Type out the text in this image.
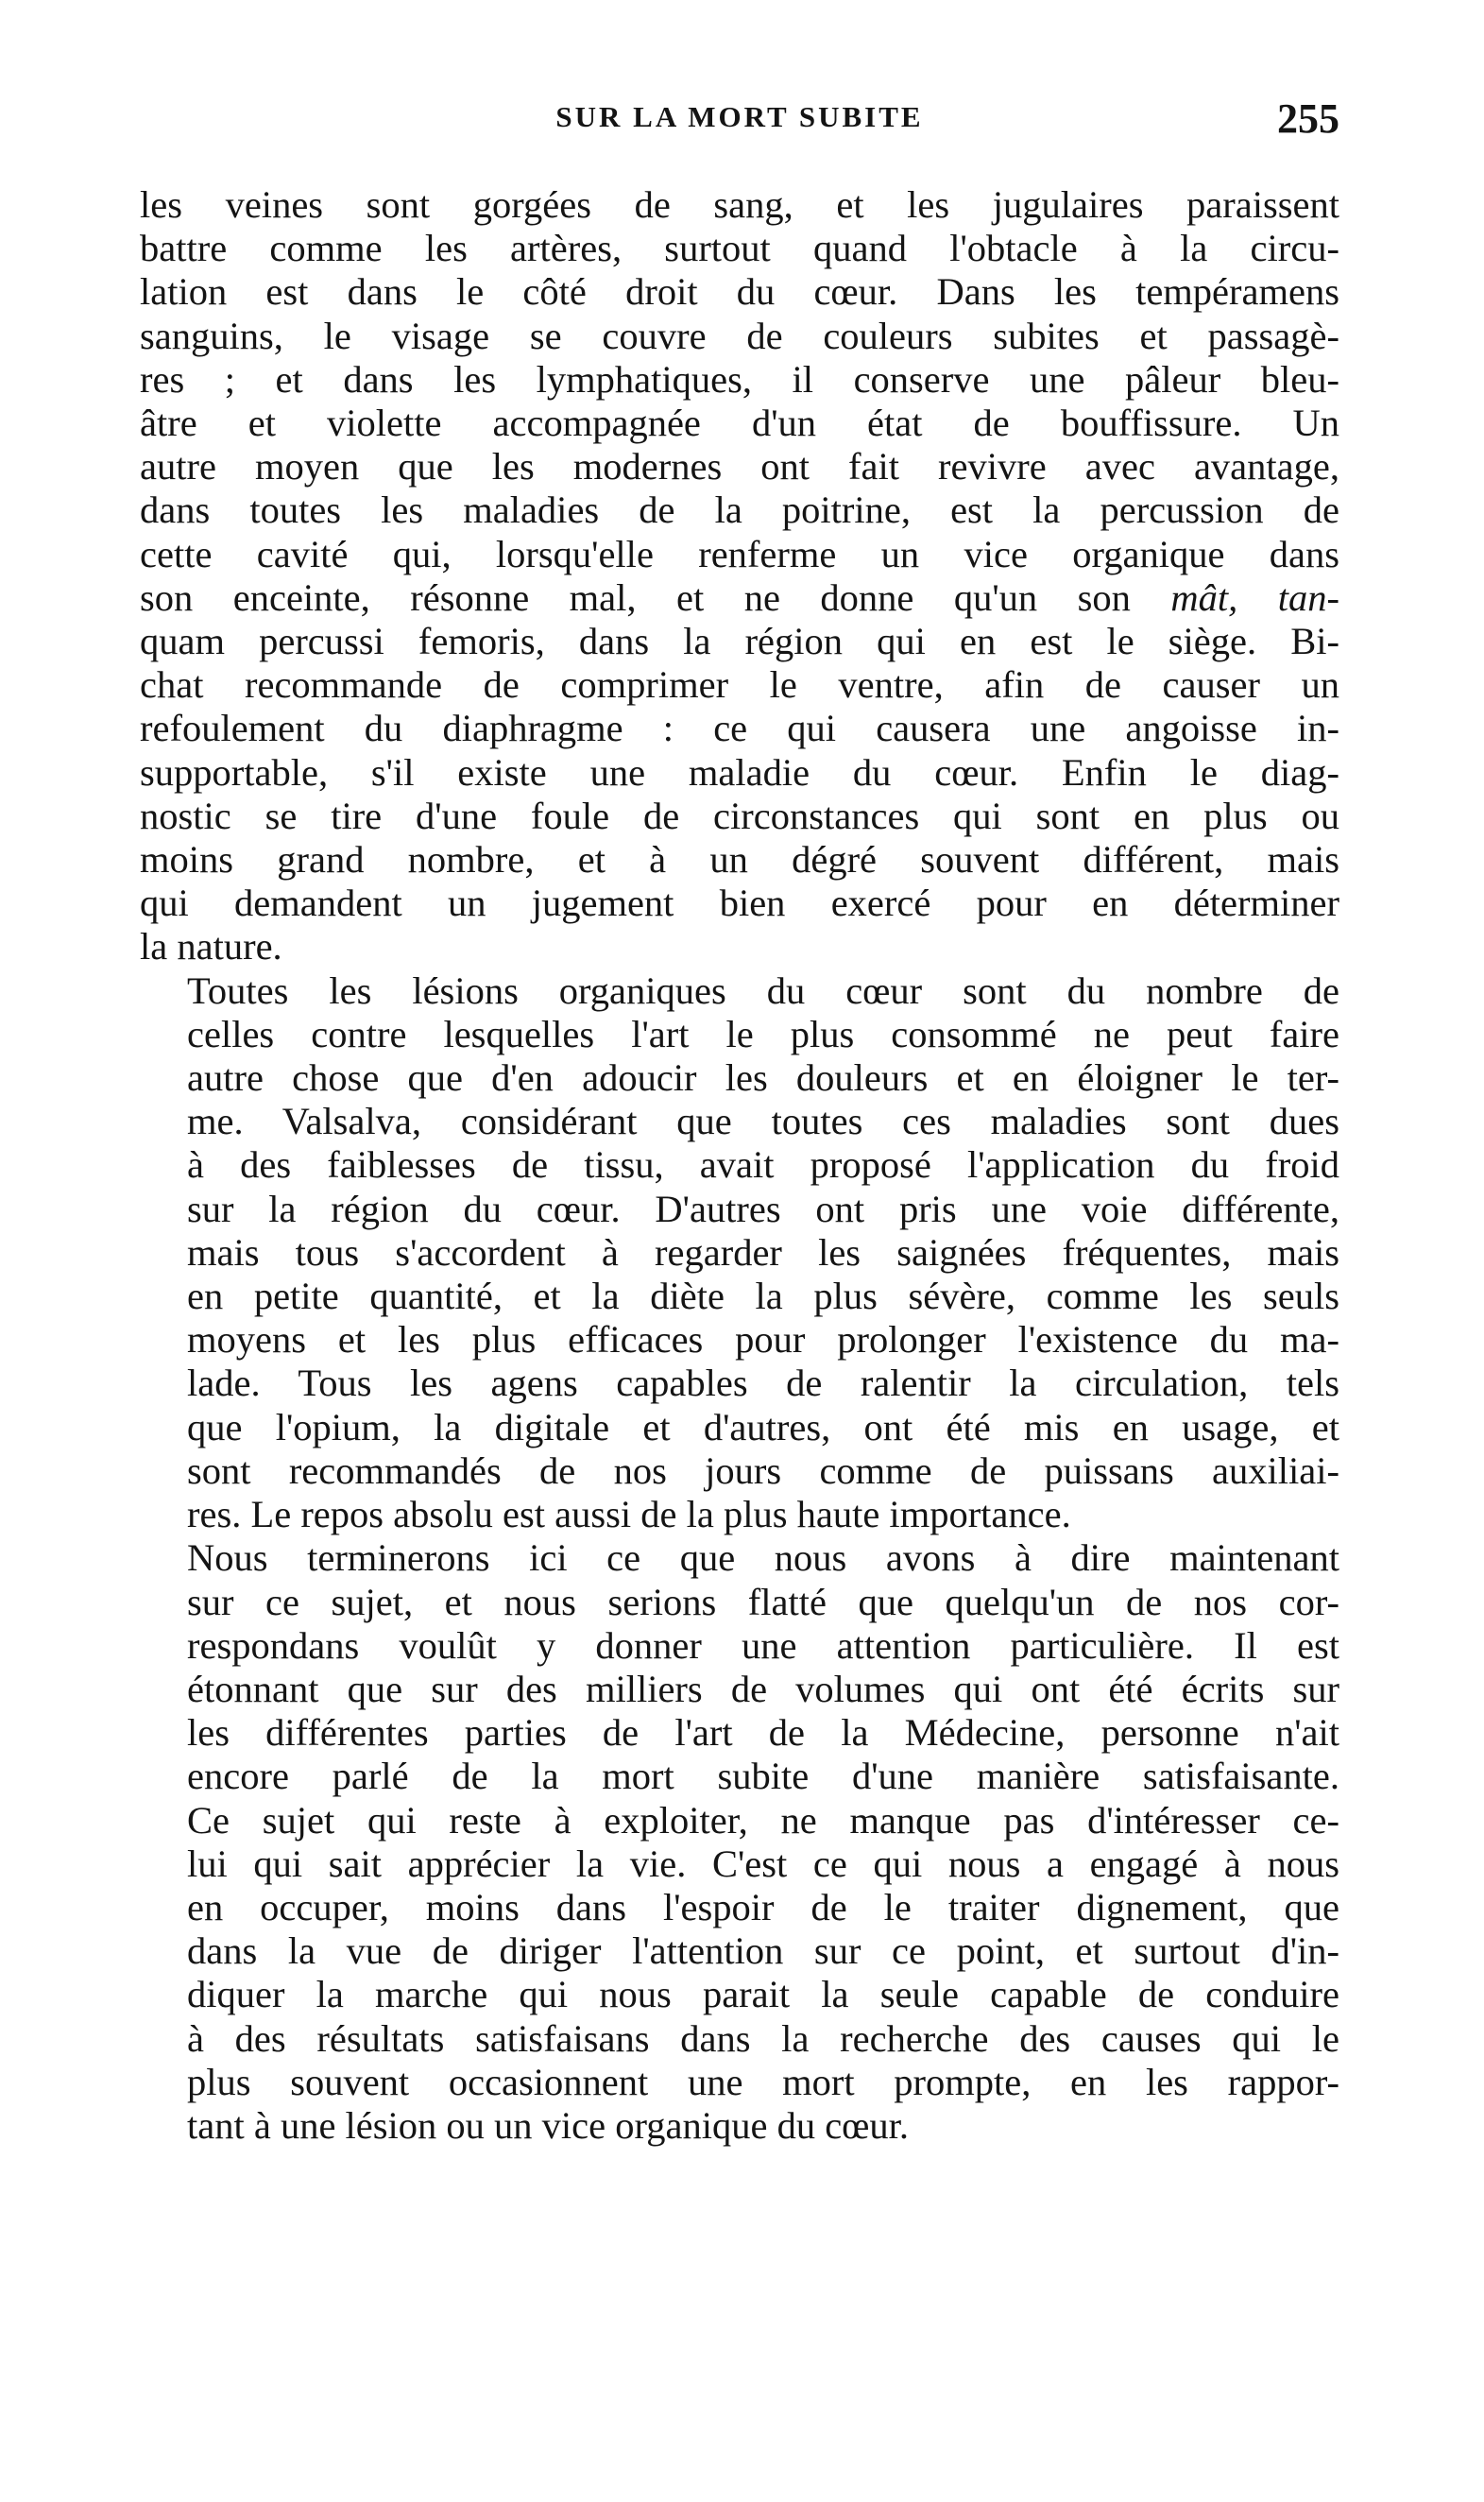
SUR LA MORT SUBITE	255

les veines sont gorgées de sang, et les jugulaires paraissent
battre comme les artères, surtout quand l'obtacle à la circu-
lation est dans le côté droit du cœur. Dans les tempéramens
sanguins, le visage se couvre de couleurs subites et passagè-
res ; et dans les lymphatiques, il conserve une pâleur bleu-
âtre et violette accompagnée d'un état de bouffissure. Un
autre moyen que les modernes ont fait revivre avec avantage,
dans toutes les maladies de la poitrine, est la percussion de
cette cavité qui, lorsqu'elle renferme un vice organique dans
son enceinte, résonne mal, et ne donne qu'un son mât, tan-
quam percussi femoris, dans la région qui en est le siège. Bi-
chat recommande de comprimer le ventre, afin de causer un
refoulement du diaphragme : ce qui causera une angoisse in-
supportable, s'il existe une maladie du cœur. Enfin le diag-
nostic se tire d'une foule de circonstances qui sont en plus ou
moins grand nombre, et à un dégré souvent différent, mais
qui demandent un jugement bien exercé pour en déterminer
la nature.

Toutes les lésions organiques du cœur sont du nombre de
celles contre lesquelles l'art le plus consommé ne peut faire
autre chose que d'en adoucir les douleurs et en éloigner le ter-
me. Valsalva, considérant que toutes ces maladies sont dues
à des faiblesses de tissu, avait proposé l'application du froid
sur la région du cœur. D'autres ont pris une voie différente,
mais tous s'accordent à regarder les saignées fréquentes, mais
en petite quantité, et la diète la plus sévère, comme les seuls
moyens et les plus efficaces pour prolonger l'existence du ma-
lade. Tous les agens capables de ralentir la circulation, tels
que l'opium, la digitale et d'autres, ont été mis en usage, et
sont recommandés de nos jours comme de puissans auxiliai-
res. Le repos absolu est aussi de la plus haute importance.

Nous terminerons ici ce que nous avons à dire maintenant
sur ce sujet, et nous serions flatté que quelqu'un de nos cor-
respondans voulût y donner une attention particulière. Il est
étonnant que sur des milliers de volumes qui ont été écrits sur
les différentes parties de l'art de la Médecine, personne n'ait
encore parlé de la mort subite d'une manière satisfaisante.
Ce sujet qui reste à exploiter, ne manque pas d'intéresser ce-
lui qui sait apprécier la vie. C'est ce qui nous a engagé à nous
en occuper, moins dans l'espoir de le traiter dignement, que
dans la vue de diriger l'attention sur ce point, et surtout d'in-
diquer la marche qui nous parait la seule capable de conduire
à des résultats satisfaisans dans la recherche des causes qui le
plus souvent occasionnent une mort prompte, en les rappor-
tant à une lésion ou un vice organique du cœur.
